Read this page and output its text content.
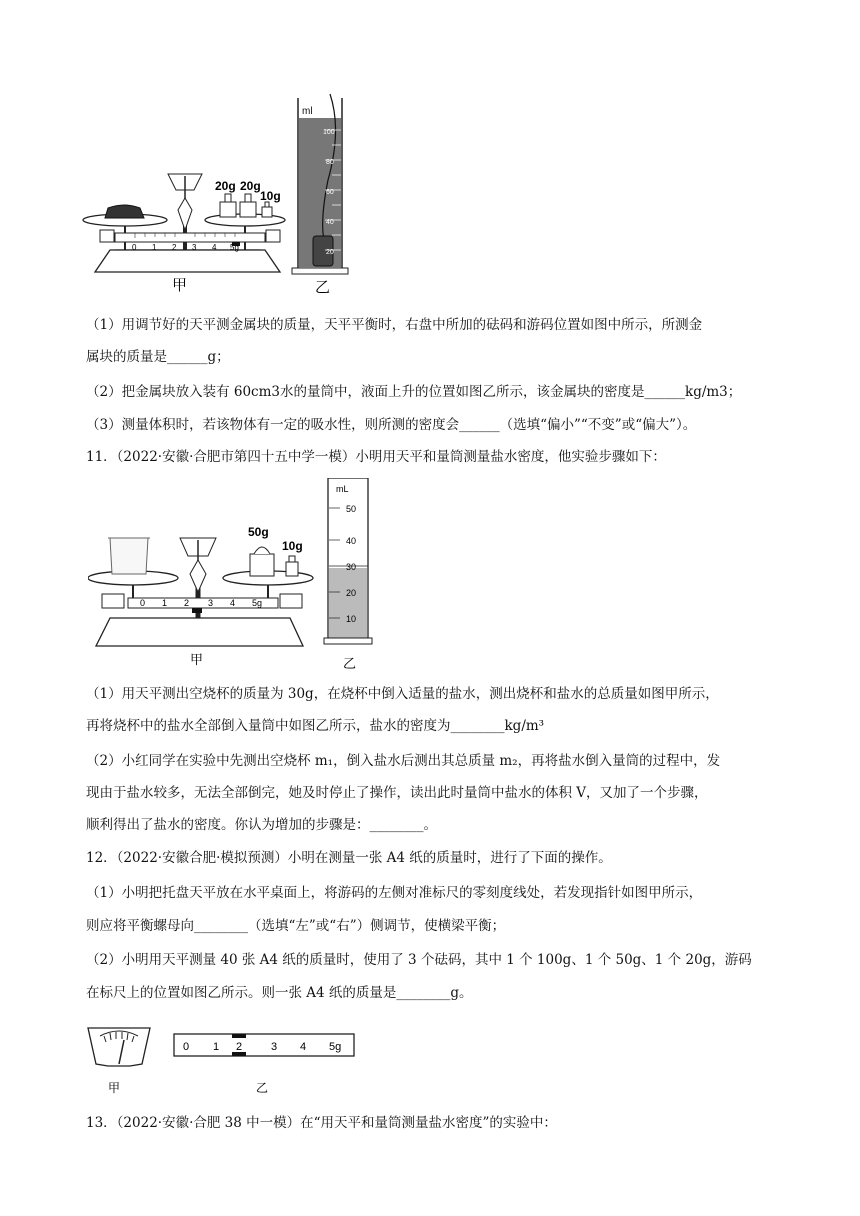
20g 20g
10g
0 1 2 3 4 5g
甲
ml
100
80
60
40
20
乙
（1）用调节好的天平测金属块的质量，天平平衡时，右盘中所加的砝码和游码位置如图中所示，所测金
属块的质量是______g；
（2）把金属块放入装有 60cm3水的量筒中，液面上升的位置如图乙所示，该金属块的密度是______kg/m3；
（3）测量体积时，若该物体有一定的吸水性，则所测的密度会______（选填“偏小”“不变”或“偏大”）。
11．（2022·安徽·合肥市第四十五中学一模）小明用天平和量筒测量盐水密度，他实验步骤如下：
50g
10g
0 1 2 3 4 5g
甲
mL
50
40
30
20
10
乙
（1）用天平测出空烧杯的质量为 30g，在烧杯中倒入适量的盐水，测出烧杯和盐水的总质量如图甲所示，
再将烧杯中的盐水全部倒入量筒中如图乙所示，盐水的密度为________kg/m³
（2）小红同学在实验中先测出空烧杯 m₁，倒入盐水后测出其总质量 m₂，再将盐水倒入量筒的过程中，发
现由于盐水较多，无法全部倒完，她及时停止了操作，读出此时量筒中盐水的体积 V，又加了一个步骤，
顺利得出了盐水的密度。你认为增加的步骤是：________。
12．（2022·安徽合肥·模拟预测）小明在测量一张 A4 纸的质量时，进行了下面的操作。
（1）小明把托盘天平放在水平桌面上，将游码的左侧对准标尺的零刻度线处，若发现指针如图甲所示，
则应将平衡螺母向________（选填“左”或“右”）侧调节，使横梁平衡；
（2）小明用天平测量 40 张 A4 纸的质量时，使用了 3 个砝码，其中 1 个 100g、1 个 50g、1 个 20g，游码
在标尺上的位置如图乙所示。则一张 A4 纸的质量是________g。
甲
0 1 2	3 4 5g
乙
13．（2022·安徽·合肥 38 中一模）在“用天平和量筒测量盐水密度”的实验中：
